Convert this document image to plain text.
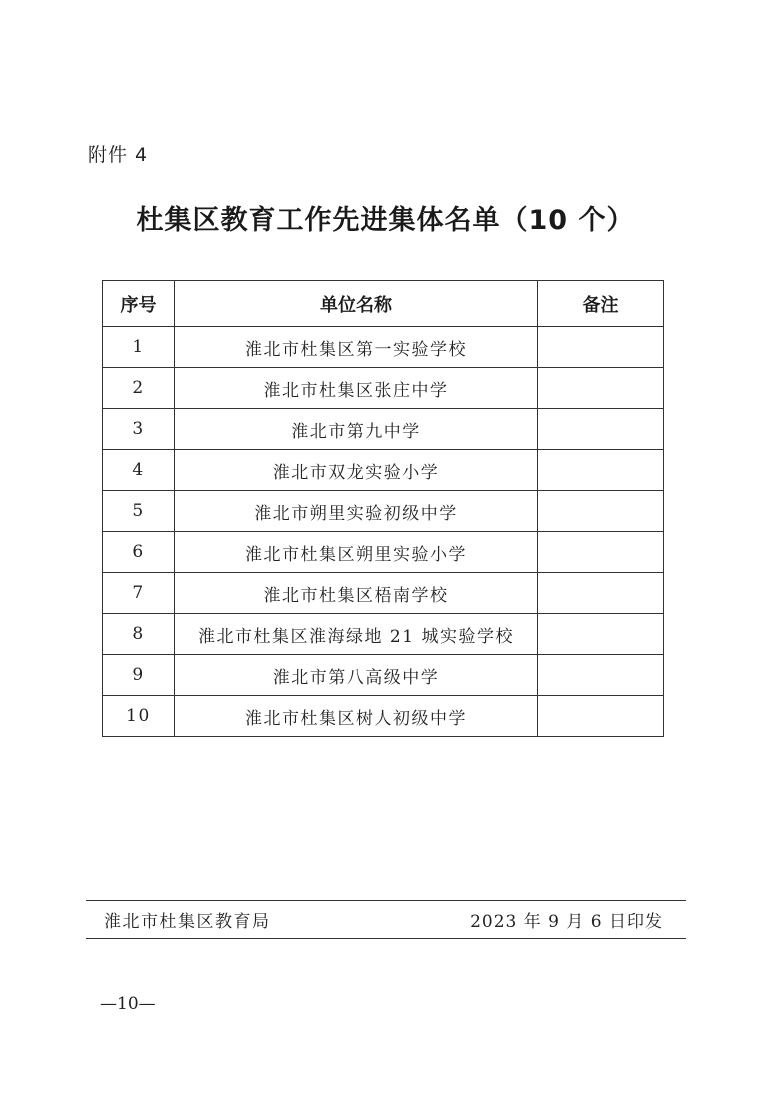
附件 4
杜集区教育工作先进集体名单（10 个）
序号	单位名称	备注
1	淮北市杜集区第一实验学校	
2	淮北市杜集区张庄中学	
3	淮北市第九中学	
4	淮北市双龙实验小学	
5	淮北市朔里实验初级中学	
6	淮北市杜集区朔里实验小学	
7	淮北市杜集区梧南学校	
8	淮北市杜集区淮海绿地 21 城实验学校	
9	淮北市第八高级中学	
10	淮北市杜集区树人初级中学	
淮北市杜集区教育局	2023 年 9 月 6 日印发
—10—
